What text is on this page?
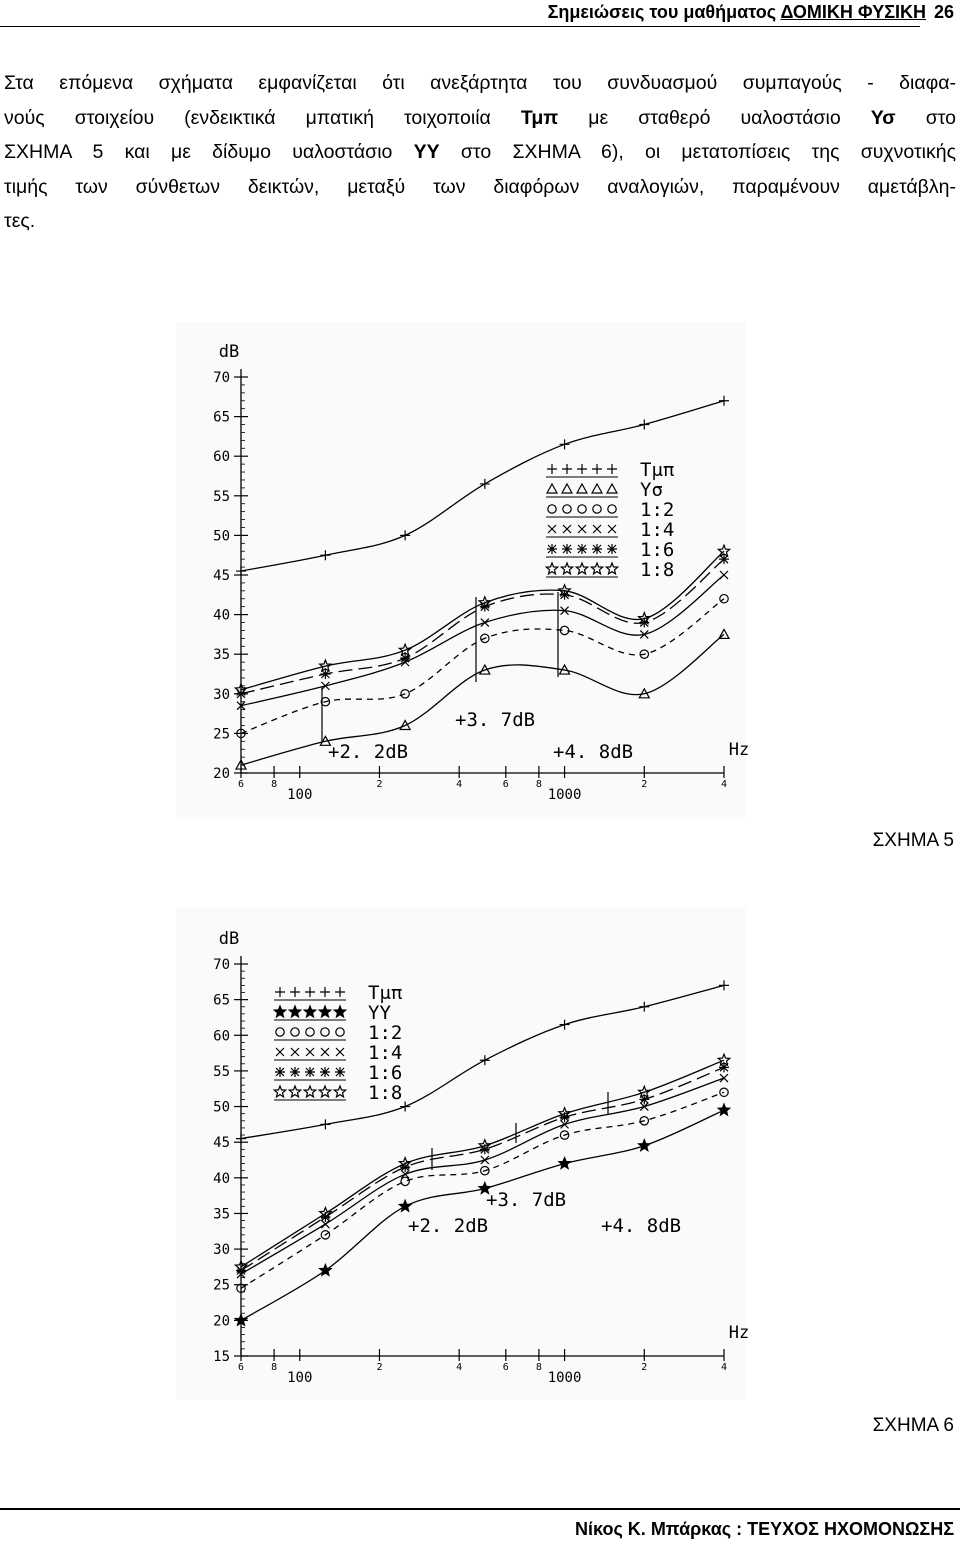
Σημειώσεις του μαθήματος ΔΟΜΙΚΗ ΦΥΣΙΚΗ 26
Στα επόμενα σχήματα εμφανίζεται ότι ανεξάρτητα του συνδυασμού συμπαγούς - διαφα-
νούς στοιχείου (ενδεικτικά μπατική τοιχοποιία Τμπ με σταθερό υαλοστάσιο Υσ στο
ΣΧΗΜΑ 5 και με δίδυμο υαλοστάσιο ΥΥ στο ΣΧΗΜΑ 6), οι μετατοπίσεις της συχνοτικής
τιμής των σύνθετων δεικτών, μεταξύ των διαφόρων αναλογιών, παραμένουν αμετάβλη-
τες.
20
25
30
35
40
45
50
55
60
65
70
dB
6	8
100
2	4	6	8
1000
2	4
Hz
Τμπ
Υσ
1:2
1:4
1:6
1:8
+2. 2dB
+3. 7dB
+4. 8dB
ΣΧΗΜΑ 5
15
20
25
30
35
40
45
50
55
60
65
70
dB
6	8
100
2	4	6	8
1000
2	4
Hz
Τμπ
ΥΥ
1:2
1:4
1:6
1:8
+3. 7dB
+2. 2dB	+4. 8dB
ΣΧΗΜΑ 6
Νίκος Κ. Μπάρκας : ΤΕΥΧΟΣ ΗΧΟΜΟΝΩΣΗΣ
